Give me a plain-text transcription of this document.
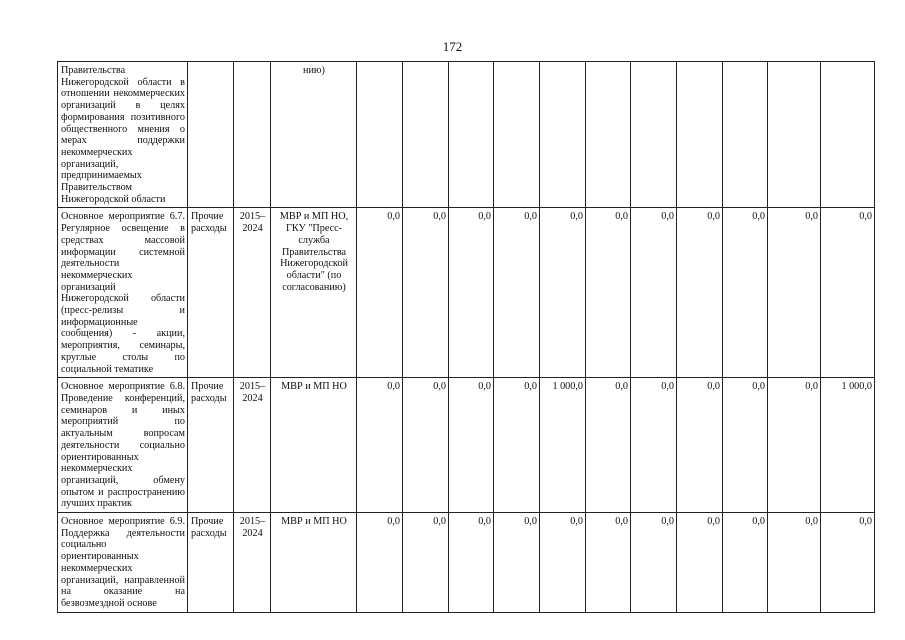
172
Правительства Нижегородской области в отношении некоммерческих организаций в целях формирования позитивного общественного мнения о мерах поддержки некоммерческих организаций, предпринимаемых Правительством Нижегородской области			нию)											
Основное мероприятие 6.7. Регулярное освещение в средствах массовой информации системной деятельности некоммерческих организаций Нижегородской области (пресс-релизы и информационные сообщения) - акции, мероприятия, семинары, круглые столы по социальной тематике	Прочие расходы	2015–2024	МВР и МП НО, ГКУ "Пресс-служба Правительства Нижегородской области" (по согласованию)	0,0	0,0	0,0	0,0	0,0	0,0	0,0	0,0	0,0	0,0	0,0
Основное мероприятие 6.8. Проведение конференций, семинаров и иных мероприятий по актуальным вопросам деятельности социально ориентированных некоммерческих организаций, обмену опытом и распространению лучших практик	Прочие расходы	2015–2024	МВР и МП НО	0,0	0,0	0,0	0,0	1 000,0	0,0	0,0	0,0	0,0	0,0	1 000,0
Основное мероприятие 6.9. Поддержка деятельности социально ориентированных некоммерческих организаций, направленной на оказание на безвозмездной основе	Прочие расходы	2015–2024	МВР и МП НО	0,0	0,0	0,0	0,0	0,0	0,0	0,0	0,0	0,0	0,0	0,0
